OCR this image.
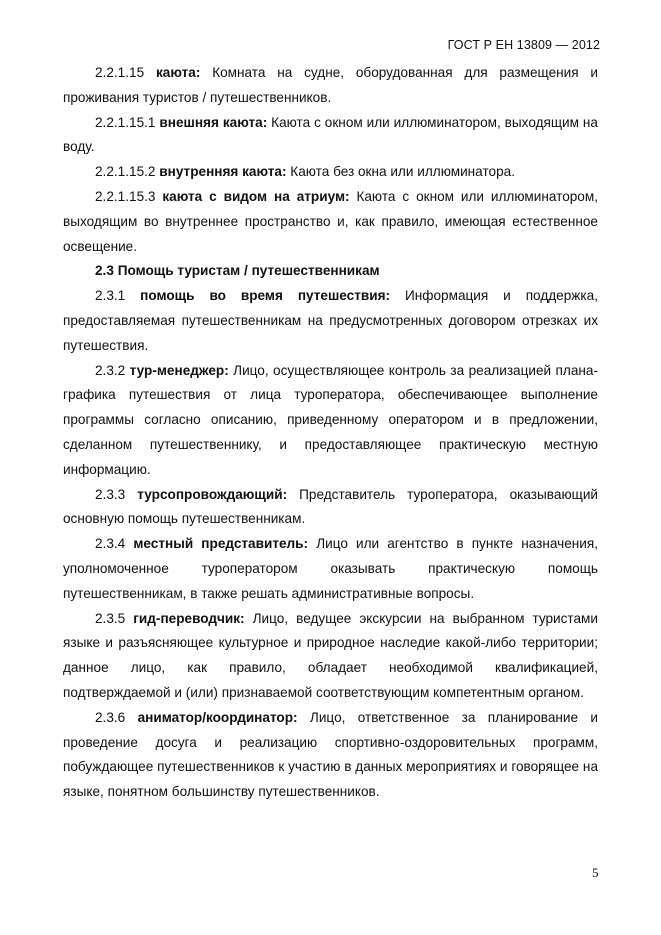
ГОСТ Р ЕН 13809 — 2012

2.2.1.15 каюта: Комната на судне, оборудованная для размещения и проживания туристов / путешественников.

2.2.1.15.1 внешняя каюта: Каюта с окном или иллюминатором, выходящим на воду.

2.2.1.15.2 внутренняя каюта: Каюта без окна или иллюминатора.

2.2.1.15.3 каюта с видом на атриум: Каюта с окном или иллюминатором, выходящим во внутреннее пространство и, как правило, имеющая естественное освещение.

2.3 Помощь туристам / путешественникам

2.3.1 помощь во время путешествия: Информация и поддержка, предоставляемая путешественникам на предусмотренных договором отрезках их путешествия.

2.3.2 тур-менеджер: Лицо, осуществляющее контроль за реализацией плана-графика путешествия от лица туроператора, обеспечивающее выполнение программы согласно описанию, приведенному оператором и в предложении, сделанном путешественнику, и предоставляющее практическую местную информацию.

2.3.3 турсопровождающий: Представитель туроператора, оказывающий основную помощь путешественникам.

2.3.4 местный представитель: Лицо или агентство в пункте назначения, уполномоченное туроператором оказывать практическую помощь путешественникам, в также решать административные вопросы.

2.3.5 гид-переводчик: Лицо, ведущее экскурсии на выбранном туристами языке и разъясняющее культурное и природное наследие какой-либо территории; данное лицо, как правило, обладает необходимой квалификацией, подтверждаемой и (или) признаваемой соответствующим компетентным органом.

2.3.6 аниматор/координатор: Лицо, ответственное за планирование и проведение досуга и реализацию спортивно-оздоровительных программ, побуждающее путешественников к участию в данных мероприятиях и говорящее на языке, понятном большинству путешественников.

5
